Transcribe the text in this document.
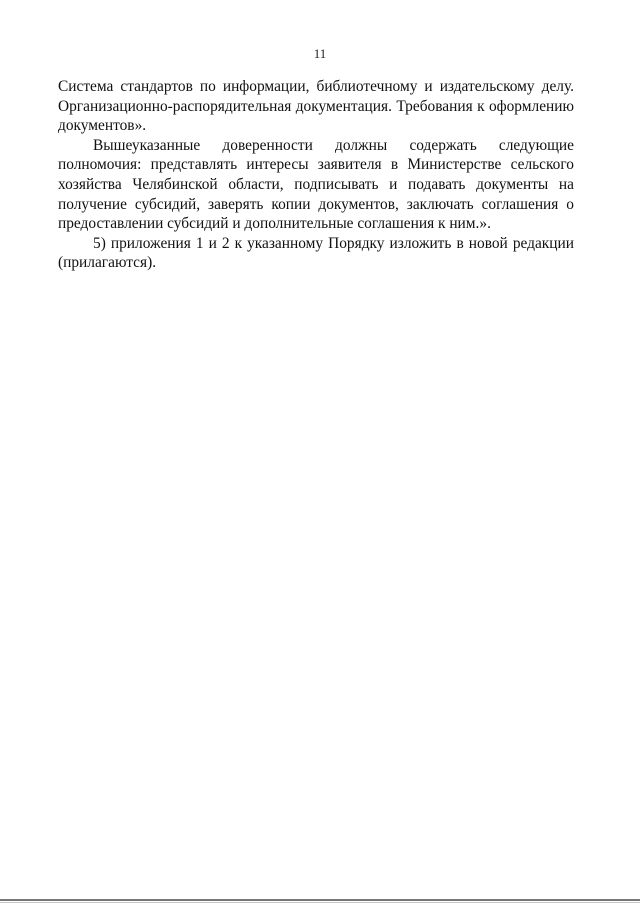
11

Система стандартов по информации, библиотечному и издательскому делу. Организационно-распорядительная документация. Требования к оформлению документов».

Вышеуказанные доверенности должны содержать следующие полномочия: представлять интересы заявителя в Министерстве сельского хозяйства Челябинской области, подписывать и подавать документы на получение субсидий, заверять копии документов, заключать соглашения о предоставлении субсидий и дополнительные соглашения к ним.».

5) приложения 1 и 2 к указанному Порядку изложить в новой редакции (прилагаются).
